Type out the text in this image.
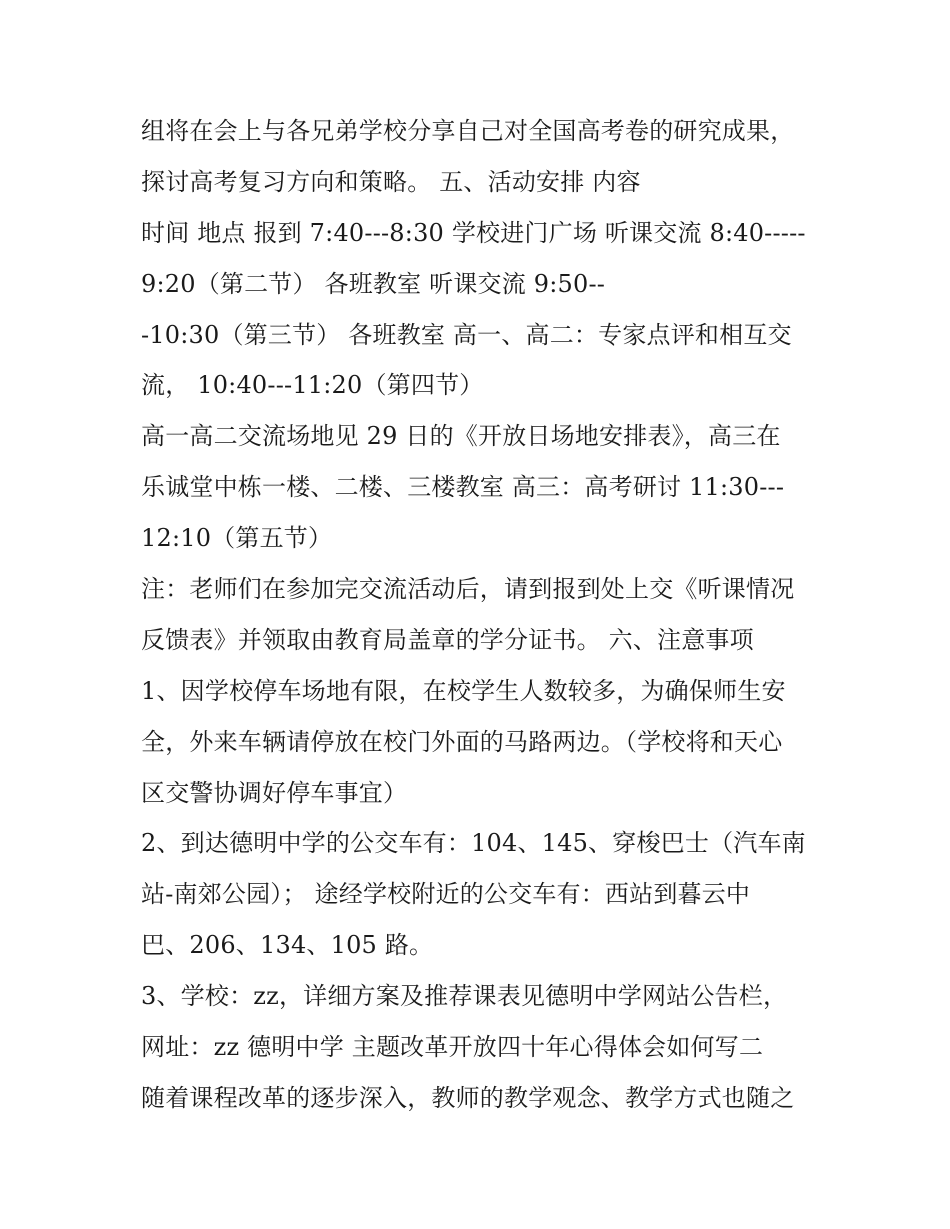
组将在会上与各兄弟学校分享自己对全国高考卷的研究成果，
探讨高考复习方向和策略。 五、活动安排 内容
时间 地点 报到 7:40---8:30 学校进门广场 听课交流 8:40-----
9:20（第二节） 各班教室 听课交流 9:50--
-10:30（第三节） 各班教室 高一、高二：专家点评和相互交
流， 10:40---11:20（第四节）
高一高二交流场地见 29 日的《开放日场地安排表》，高三在
乐诚堂中栋一楼、二楼、三楼教室 高三：高考研讨 11:30---
12:10（第五节）
注：老师们在参加完交流活动后，请到报到处上交《听课情况
反馈表》并领取由教育局盖章的学分证书。 六、注意事项
1、因学校停车场地有限，在校学生人数较多，为确保师生安
全，外来车辆请停放在校门外面的马路两边。（学校将和天心
区交警协调好停车事宜）
2、到达德明中学的公交车有：104、145、穿梭巴士（汽车南
站-南郊公园）； 途经学校附近的公交车有：西站到暮云中
巴、206、134、105 路。
3、学校：zz，详细方案及推荐课表见德明中学网站公告栏，
网址：zz 德明中学 主题改革开放四十年心得体会如何写二
随着课程改革的逐步深入，教师的教学观念、教学方式也随之
